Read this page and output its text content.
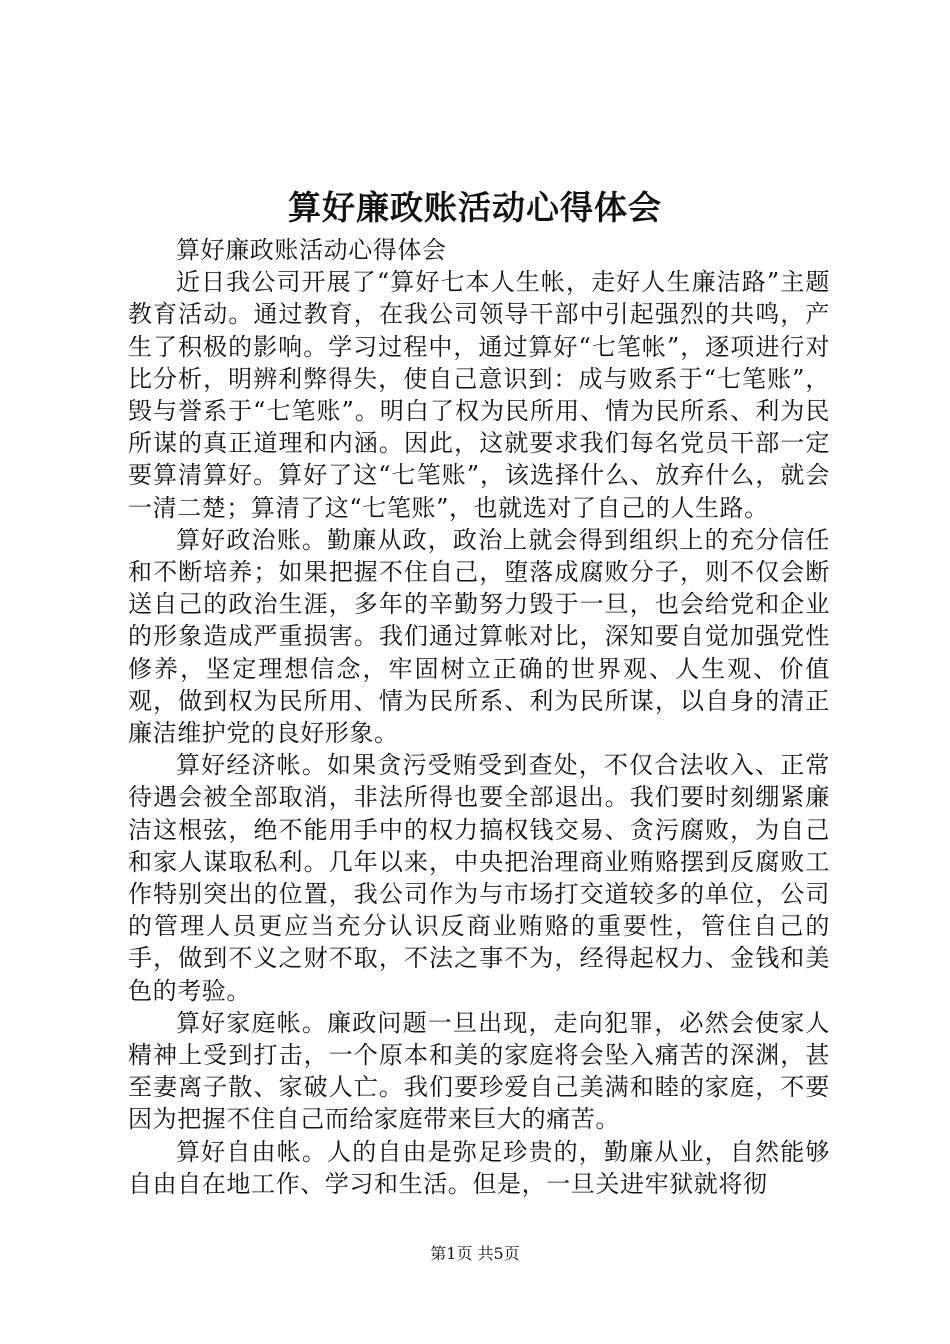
算好廉政账活动心得体会

算好廉政账活动心得体会

近日我公司开展了“算好七本人生帐，走好人生廉洁路”主题教育活动。通过教育，在我公司领导干部中引起强烈的共鸣，产生了积极的影响。学习过程中，通过算好“七笔帐”，逐项进行对比分析，明辨利弊得失，使自己意识到：成与败系于“七笔账”，毁与誉系于“七笔账”。明白了权为民所用、情为民所系、利为民所谋的真正道理和内涵。因此，这就要求我们每名党员干部一定要算清算好。算好了这“七笔账”，该选择什么、放弃什么，就会一清二楚；算清了这“七笔账”，也就选对了自己的人生路。

算好政治账。勤廉从政，政治上就会得到组织上的充分信任和不断培养；如果把握不住自己，堕落成腐败分子，则不仅会断送自己的政治生涯，多年的辛勤努力毁于一旦，也会给党和企业的形象造成严重损害。我们通过算帐对比，深知要自觉加强党性修养，坚定理想信念，牢固树立正确的世界观、人生观、价值观，做到权为民所用、情为民所系、利为民所谋，以自身的清正廉洁维护党的良好形象。

算好经济帐。如果贪污受贿受到查处，不仅合法收入、正常待遇会被全部取消，非法所得也要全部退出。我们要时刻绷紧廉洁这根弦，绝不能用手中的权力搞权钱交易、贪污腐败，为自己和家人谋取私利。几年以来，中央把治理商业贿赂摆到反腐败工作特别突出的位置，我公司作为与市场打交道较多的单位，公司的管理人员更应当充分认识反商业贿赂的重要性，管住自己的手，做到不义之财不取，不法之事不为，经得起权力、金钱和美色的考验。

算好家庭帐。廉政问题一旦出现，走向犯罪，必然会使家人精神上受到打击，一个原本和美的家庭将会坠入痛苦的深渊，甚至妻离子散、家破人亡。我们要珍爱自己美满和睦的家庭，不要因为把握不住自己而给家庭带来巨大的痛苦。

算好自由帐。人的自由是弥足珍贵的，勤廉从业，自然能够自由自在地工作、学习和生活。但是，一旦关进牢狱就将彻

第1页 共5页
